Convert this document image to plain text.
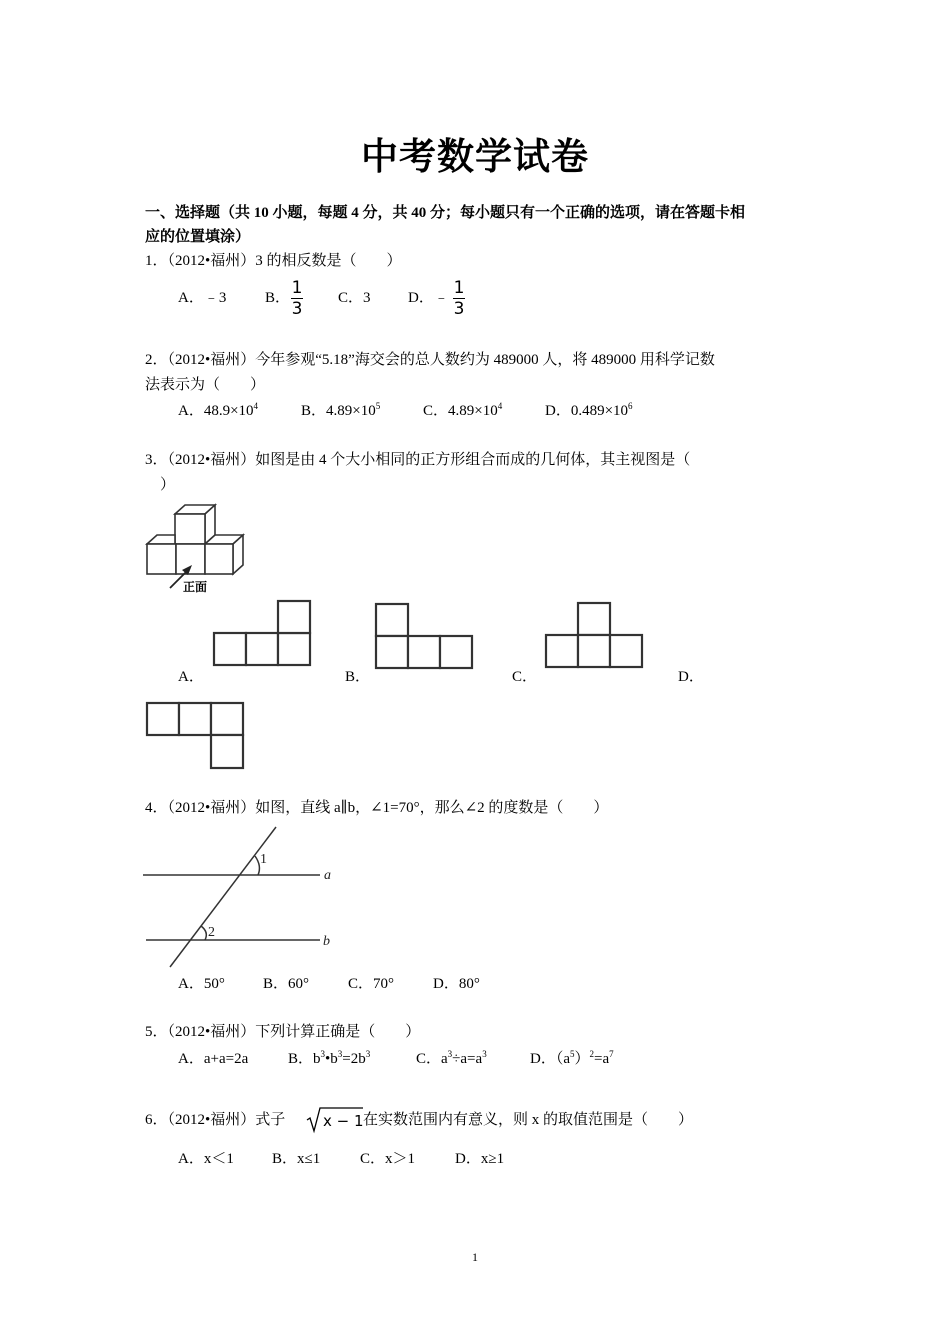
中考数学试卷
一、选择题（共 10 小题，每题 4 分，共 40 分；每小题只有一个正确的选项，请在答题卡相
应的位置填涂）
1．（2012•福州）3 的相反数是（　　）
A．﹣3	B． 1
3
C．3 D．﹣ 1
3
2．（2012•福州）今年参观“5.18”海交会的总人数约为 489000 人，将 489000 用科学记数
法表示为（　　）
A．$48.9\times 10^4$	B．$4.89\times 10^5$	C．$4.89\times 10^4$	D．$0.489\times 10^6$
3．（2012•福州）如图是由 4 个大小相同的正方形组合而成的几何体，其主视图是（
）
正面
A．	B．	C．	D．
4．（2012•福州）如图，直线 a∥b，∠1=70°，那么∠2 的度数是（　　）
1
2
a
b
A．50°	B．60°	C．70°	D．80°
5．（2012•福州）下列计算正确是（　　）
A．a+a=2a	B．$b^3•b^3=2b^3$	C．$a^3\div a=a^3$	D．$(a^5)^2=a^7$
6．（2012•福州）式子	x − 1 在实数范围内有意义，则 x 的取值范围是（　　）
A．x＜1	B．x≤1	C．x＞1	D．x≥1
1
